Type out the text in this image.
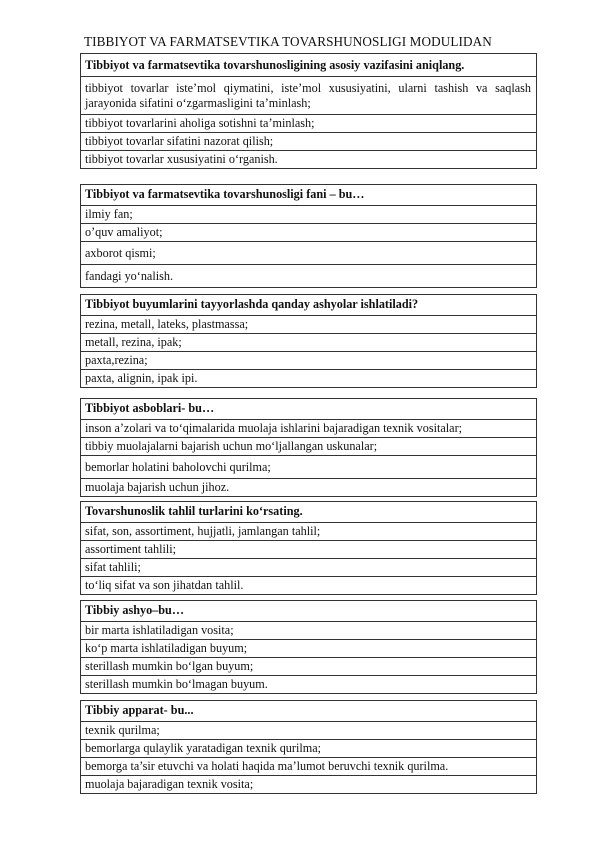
TIBBIYOT VA FARMATSEVTIKA TOVARSHUNOSLIGI MODULIDAN
Tibbiyot va farmatsevtika tovarshunosligining asosiy vazifasini aniqlang.
tibbiyot tovarlar iste’mol qiymatini, iste’mol xususiyatini, ularni tashish va saqlash jarayonida sifatini o‘zgarmasligini ta’minlash;
tibbiyot tovarlarini aholiga sotishni ta’minlash;
tibbiyot tovarlar sifatini nazorat qilish;
tibbiyot tovarlar xususiyatini o‘rganish.
Tibbiyot va farmatsevtika tovarshunosligi fani – bu…
ilmiy fan;
o’quv amaliyot;
axborot qismi;
fandagi yo‘nalish.
Tibbiyot buyumlarini tayyorlashda qanday ashyolar ishlatiladi?
rezina, metall, lateks, plastmassa;
metall, rezina, ipak;
paxta,rezina;
paxta, alignin, ipak ipi.
Tibbiyot asboblari- bu…
inson a’zolari va to‘qimalarida muolaja ishlarini bajaradigan texnik vositalar;
tibbiy muolajalarni bajarish uchun mo‘ljallangan uskunalar;
bemorlar holatini baholovchi qurilma;
muolaja bajarish uchun jihoz.
Tovarshunoslik tahlil turlarini ko‘rsating.
sifat, son, assortiment, hujjatli, jamlangan tahlil;
assortiment tahlili;
sifat tahlili;
to‘liq sifat va son jihatdan tahlil.
Tibbiy ashyo–bu…
bir marta ishlatiladigan vosita;
ko‘p marta ishlatiladigan buyum;
sterillash mumkin bo‘lgan buyum;
sterillash mumkin bo‘lmagan buyum.
Tibbiy apparat- bu...
texnik qurilma;
bemorlarga qulaylik yaratadigan texnik qurilma;
bemorga ta’sir etuvchi va holati haqida ma’lumot beruvchi texnik qurilma.
muolaja bajaradigan texnik vosita;
